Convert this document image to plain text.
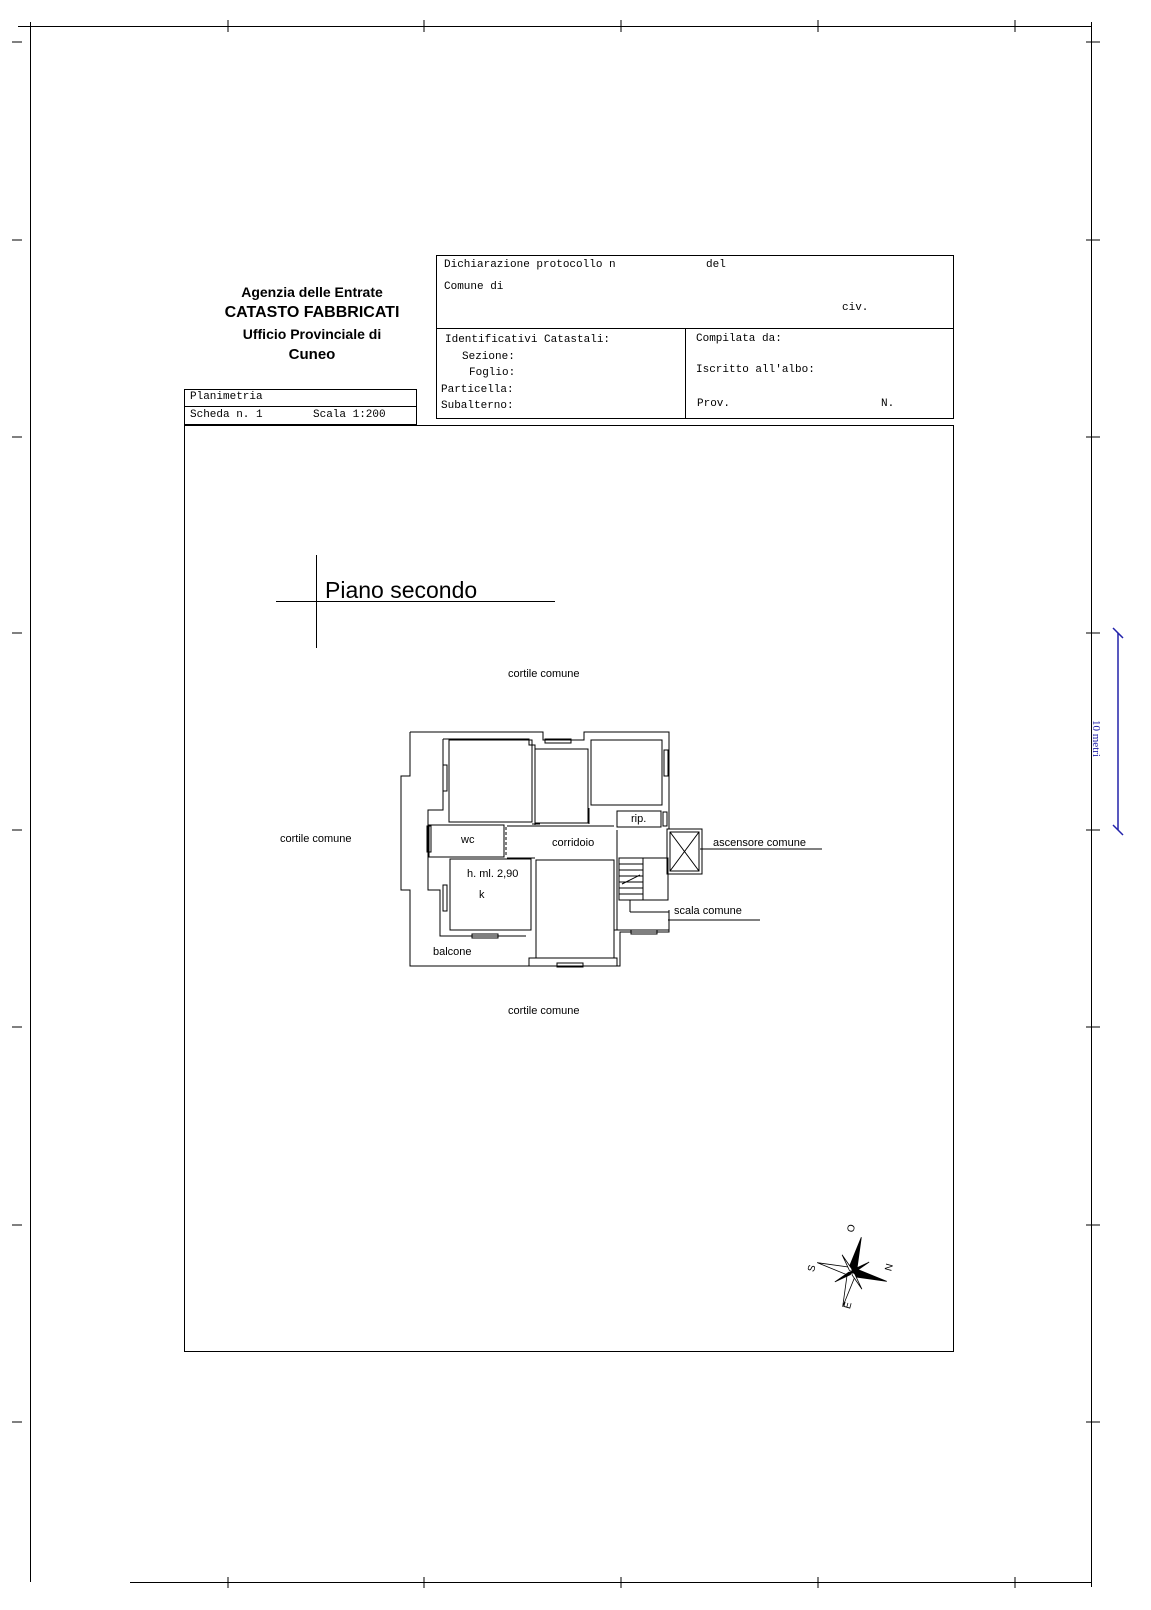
10 metri
Agenzia delle Entrate
CATASTO FABBRICATI
Ufficio Provinciale di
Cuneo
Dichiarazione protocollo n	del
Comune di
civ.
Identificativi Catastali:
Sezione:
Foglio:
Particella:
Subalterno:
Compilata da:
Iscritto all'albo:
Prov.	N.
Planimetria
Scheda n. 1	Scala 1:200
Piano secondo
cortile comune
cortile comune
cortile comune
wc	corridoio
rip.
ascensore comune
h. ml. 2,90
k
scala comune
balcone
O
E
S	N
